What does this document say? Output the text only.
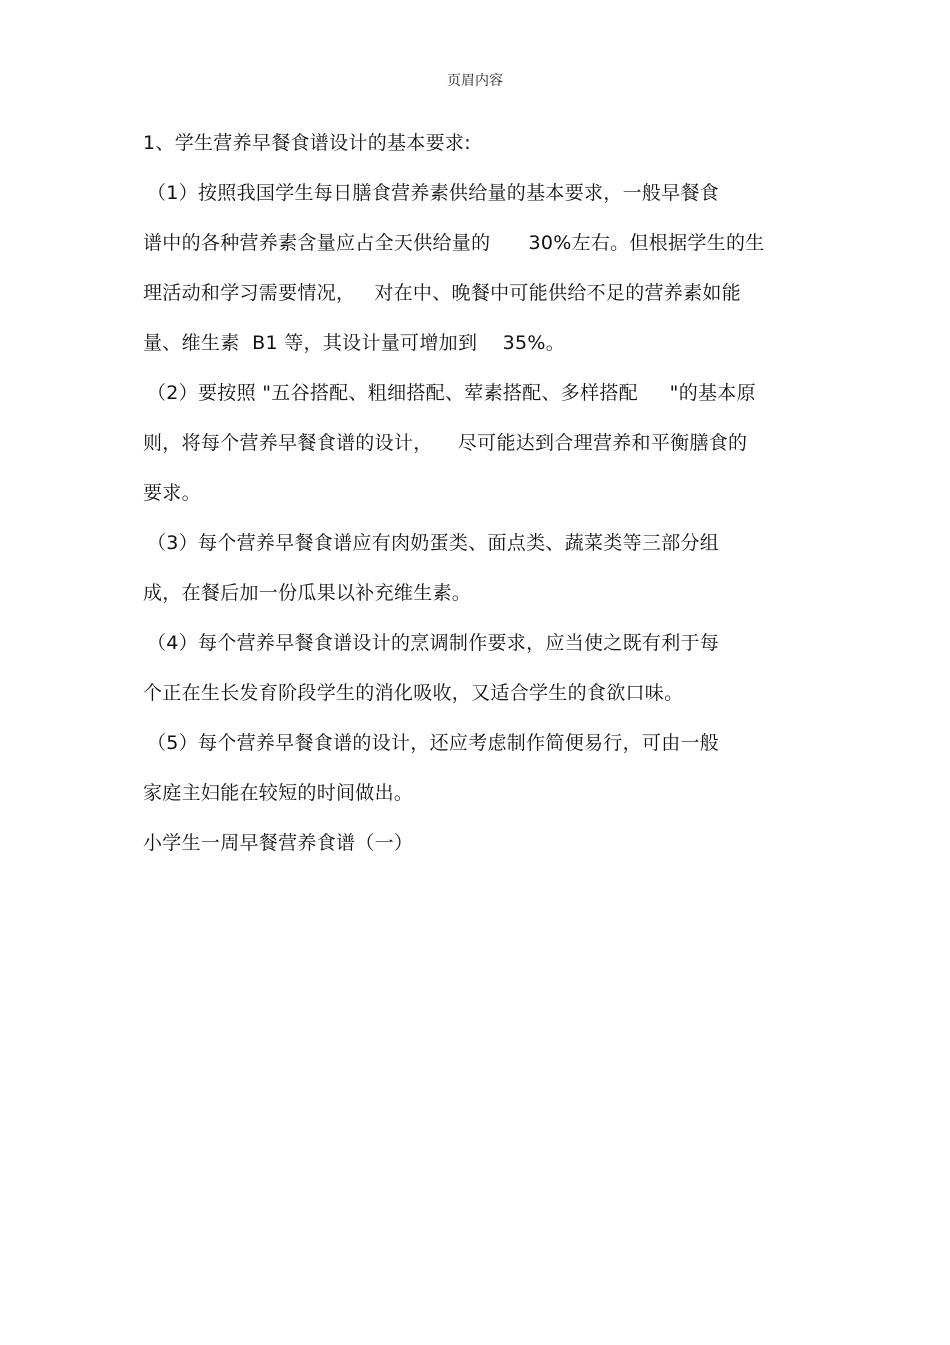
页眉内容
1、学生营养早餐食谱设计的基本要求:
（1）按照我国学生每日膳食营养素供给量的基本要求，一般早餐食
谱中的各种营养素含量应占全天供给量的      30%左右。但根据学生的生
理活动和学习需要情况，   对在中、晚餐中可能供给不足的营养素如能
量、维生素  B1 等，其设计量可增加到    35%。
（2）要按照 "五谷搭配、粗细搭配、荤素搭配、多样搭配     "的基本原
则，将每个营养早餐食谱的设计，    尽可能达到合理营养和平衡膳食的
要求。
（3）每个营养早餐食谱应有肉奶蛋类、面点类、蔬菜类等三部分组
成，在餐后加一份瓜果以补充维生素。
（4）每个营养早餐食谱设计的烹调制作要求，应当使之既有利于每
个正在生长发育阶段学生的消化吸收，又适合学生的食欲口味。
（5）每个营养早餐食谱的设计，还应考虑制作简便易行，可由一般
家庭主妇能在较短的时间做出。
小学生一周早餐营养食谱（一）
